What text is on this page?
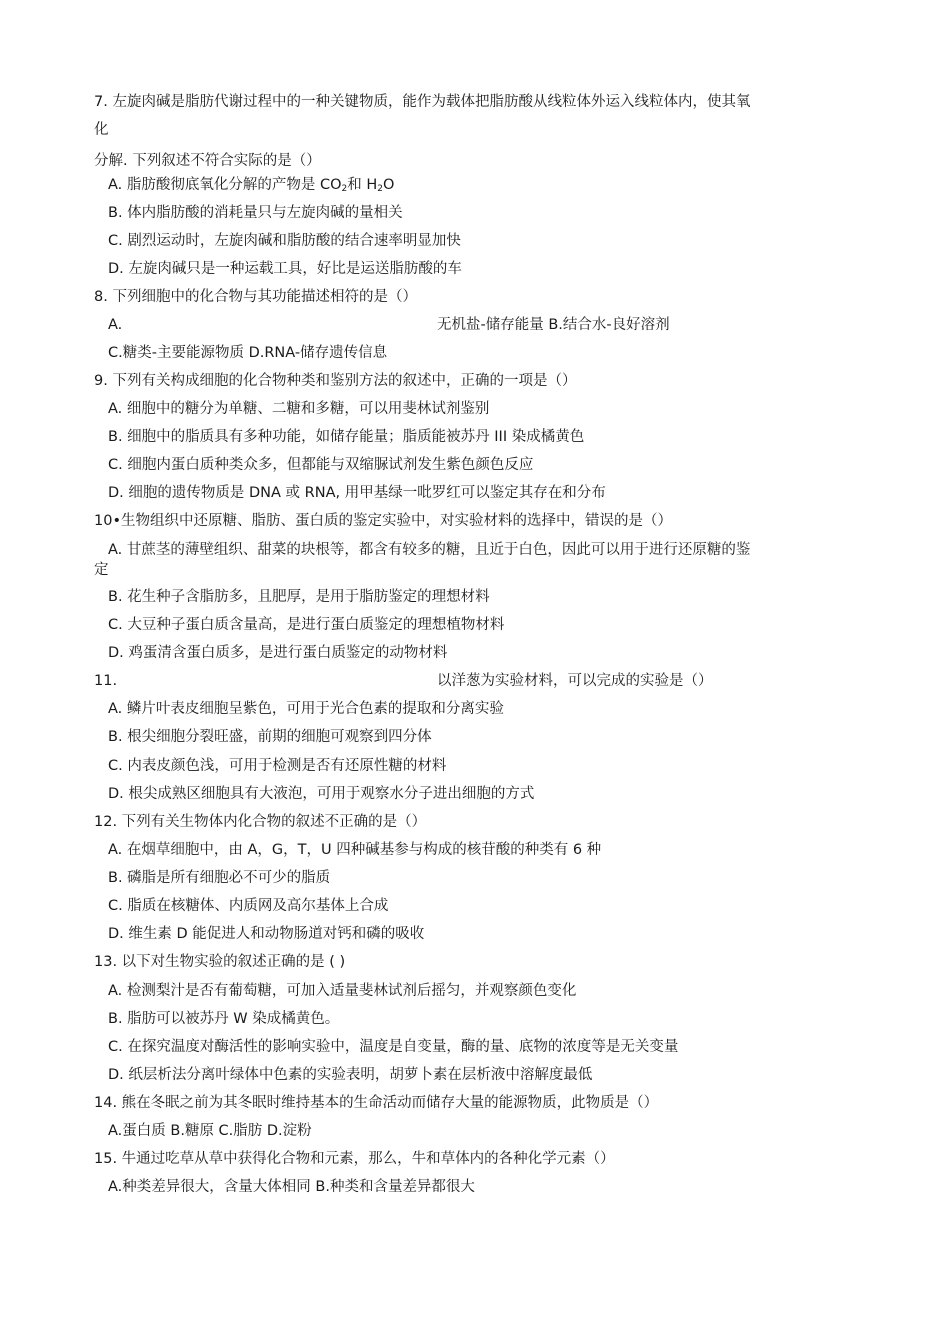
7. 左旋肉碱是脂肪代谢过程中的一种关键物质，能作为载体把脂肪酸从线粒体外运入线粒体内，使其氧
化
分解. 下列叙述不符合实际的是（）
A. 脂肪酸彻底氧化分解的产物是 $CO_2$和 $H_2O$
B. 体内脂肪酸的消耗量只与左旋肉碱的量相关
C. 剧烈运动时，左旋肉碱和脂肪酸的结合速率明显加快
D. 左旋肉碱只是一种运载工具，好比是运送脂肪酸的车
8. 下列细胞中的化合物与其功能描述相符的是（）
A.	无机盐-储存能量 B.结合水-良好溶剂
C.糖类-主要能源物质 D.RNA-储存遗传信息
9. 下列有关构成细胞的化合物种类和鉴别方法的叙述中，正确的一项是（）
A. 细胞中的糖分为单糖、二糖和多糖，可以用斐林试剂鉴别
B. 细胞中的脂质具有多种功能，如储存能量；脂质能被苏丹 III 染成橘黄色
C. 细胞内蛋白质种类众多，但都能与双缩脲试剂发生紫色颜色反应
D. 细胞的遗传物质是 DNA 或 RNA, 用甲基绿一吡罗红可以鉴定其存在和分布
10•生物组织中还原糖、脂肪、蛋白质的鉴定实验中，对实验材料的选择中，错误的是（）
A. 甘蔗茎的薄壁组织、甜菜的块根等，都含有较多的糖，且近于白色，因此可以用于进行还原糖的鉴
定
B. 花生种子含脂肪多，且肥厚，是用于脂肪鉴定的理想材料
C. 大豆种子蛋白质含量高，是进行蛋白质鉴定的理想植物材料
D. 鸡蛋清含蛋白质多，是进行蛋白质鉴定的动物材料
11.	以洋葱为实验材料，可以完成的实验是（）
A. 鳞片叶表皮细胞呈紫色，可用于光合色素的提取和分离实验
B. 根尖细胞分裂旺盛，前期的细胞可观察到四分体
C. 内表皮颜色浅，可用于检测是否有还原性糖的材料
D. 根尖成熟区细胞具有大液泡，可用于观察水分子进出细胞的方式
12. 下列有关生物体内化合物的叙述不正确的是（）
A. 在烟草细胞中，由 A，G，T，U 四种碱基参与构成的核苷酸的种类有 6 种
B. 磷脂是所有细胞必不可少的脂质
C. 脂质在核糖体、内质网及高尔基体上合成
D. 维生素 D 能促进人和动物肠道对钙和磷的吸收
13. 以下对生物实验的叙述正确的是 ( )
A. 检测梨汁是否有葡萄糖，可加入适量斐林试剂后摇匀，并观察颜色变化
B. 脂肪可以被苏丹 W 染成橘黄色。
C. 在探究温度对酶活性的影响实验中，温度是自变量，酶的量、底物的浓度等是无关变量
D. 纸层析法分离叶绿体中色素的实验表明，胡萝卜素在层析液中溶解度最低
14. 熊在冬眠之前为其冬眠时维持基本的生命活动而储存大量的能源物质，此物质是（）
A.蛋白质 B.糖原 C.脂肪 D.淀粉
15. 牛通过吃草从草中获得化合物和元素，那么，牛和草体内的各种化学元素（）
A.种类差异很大，含量大体相同 B.种类和含量差异都很大
